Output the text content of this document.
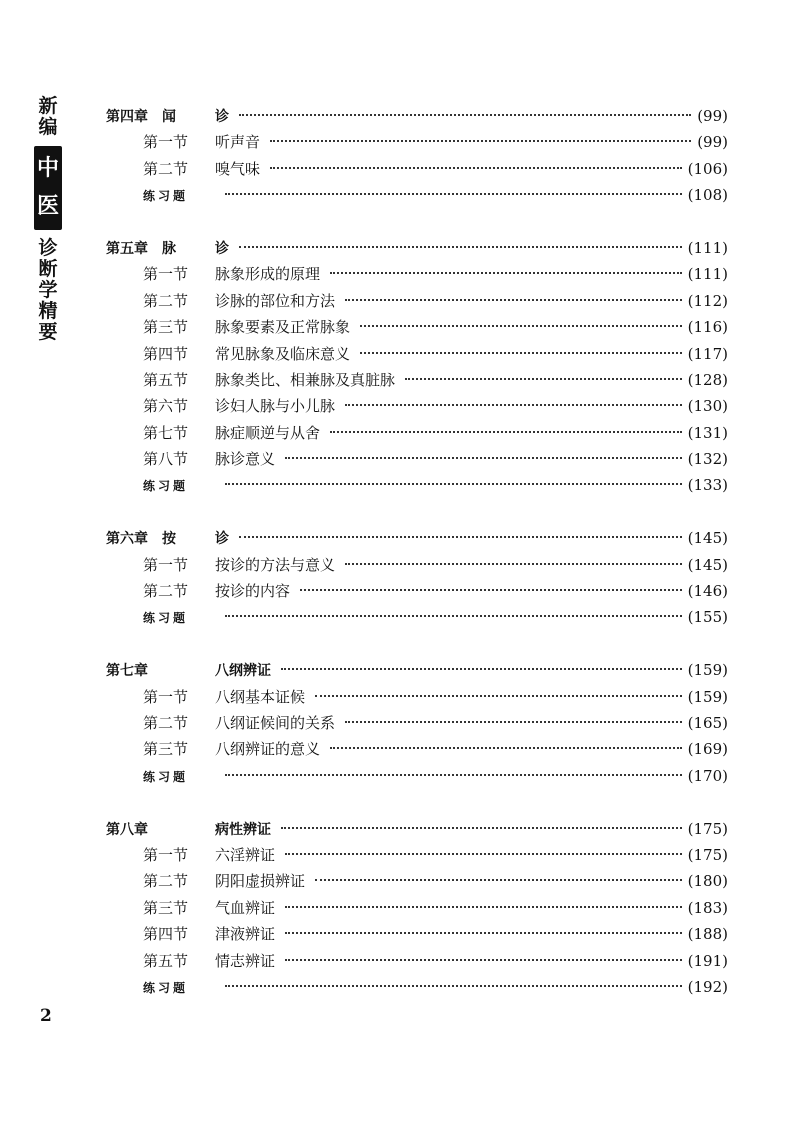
新编
中医
诊断学精要
第四章　闻	诊	(99)
第一节	听声音	(99)
第二节	嗅气味	(106)
练习题	(108)
第五章　脉	诊	(111)
第一节	脉象形成的原理	(111)
第二节	诊脉的部位和方法	(112)
第三节	脉象要素及正常脉象	(116)
第四节	常见脉象及临床意义	(117)
第五节	脉象类比、相兼脉及真脏脉	(128)
第六节	诊妇人脉与小儿脉	(130)
第七节	脉症顺逆与从舍	(131)
第八节	脉诊意义	(132)
练习题	(133)
第六章　按	诊	(145)
第一节	按诊的方法与意义	(145)
第二节	按诊的内容	(146)
练习题	(155)
第七章	八纲辨证	(159)
第一节	八纲基本证候	(159)
第二节	八纲证候间的关系	(165)
第三节	八纲辨证的意义	(169)
练习题	(170)
第八章	病性辨证	(175)
第一节	六淫辨证	(175)
第二节	阴阳虚损辨证	(180)
第三节	气血辨证	(183)
第四节	津液辨证	(188)
第五节	情志辨证	(191)
练习题	(192)
2
